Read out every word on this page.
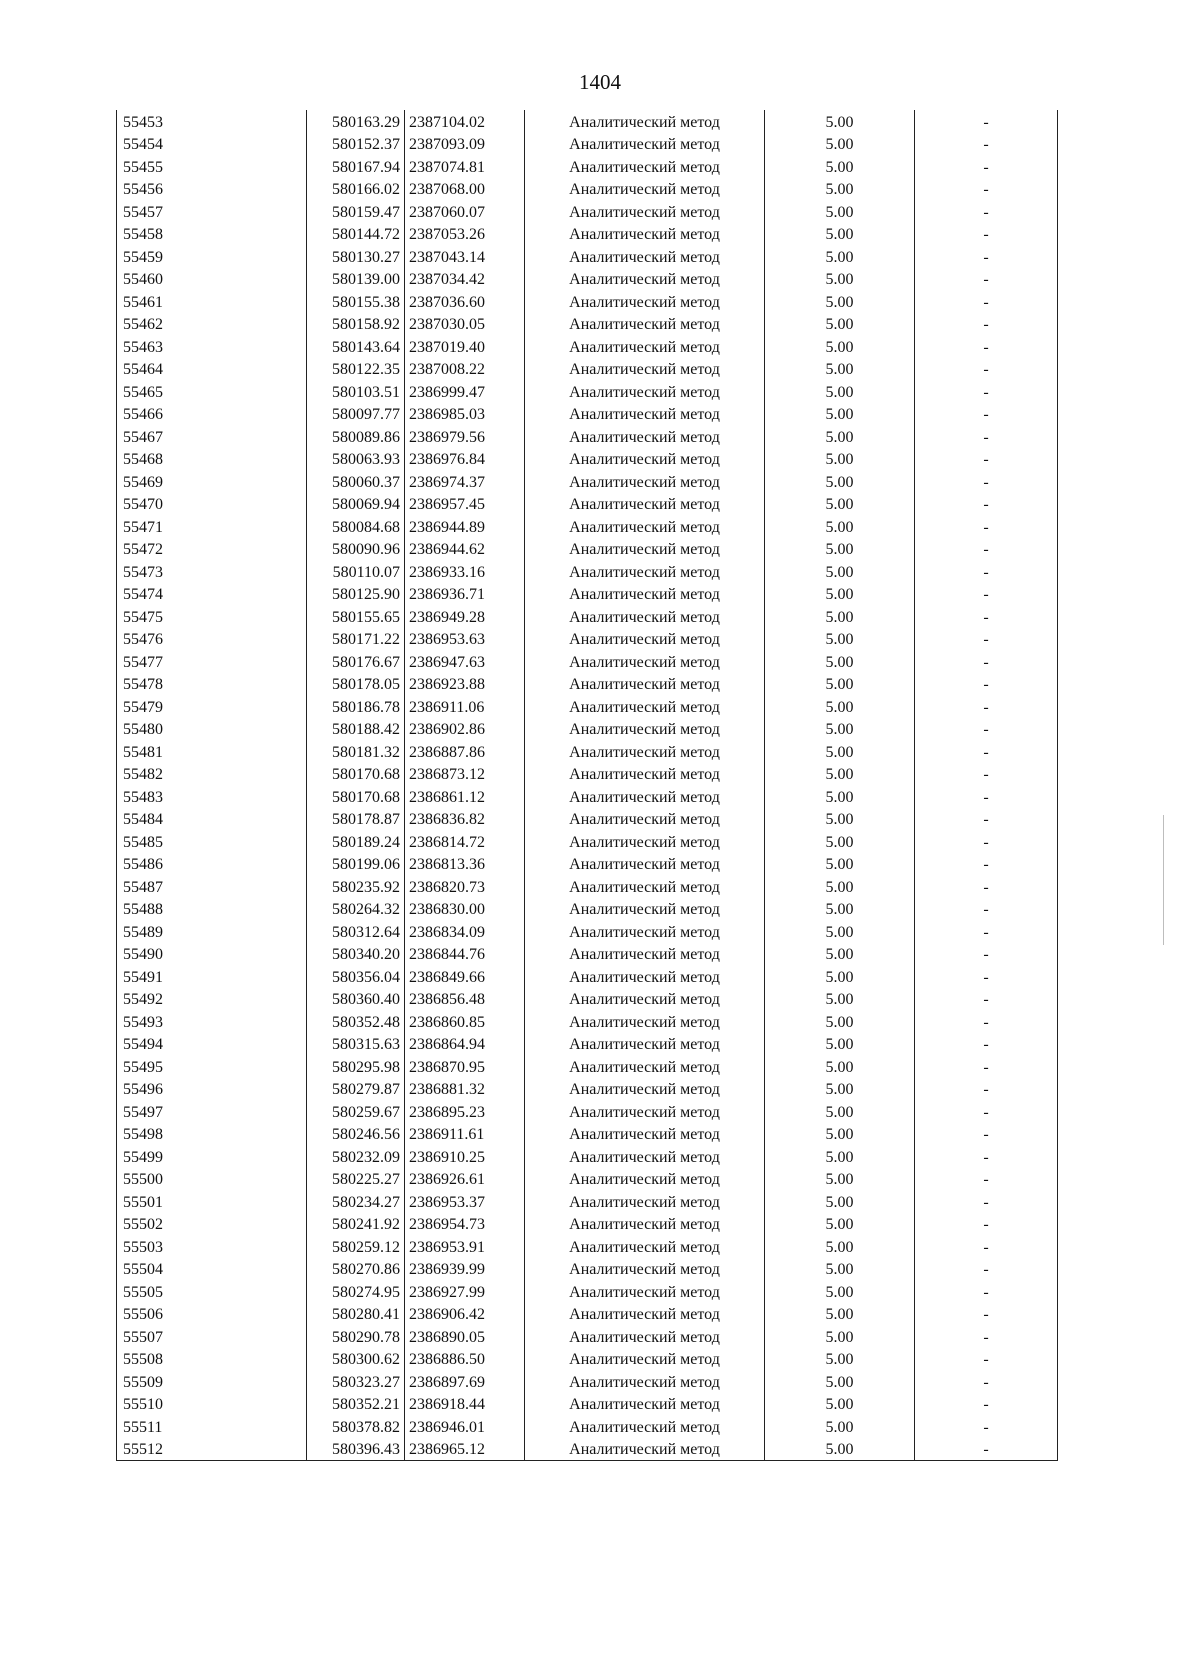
1404
55453	580163.29	2387104.02	Аналитический метод	5.00	-
55454	580152.37	2387093.09	Аналитический метод	5.00	-
55455	580167.94	2387074.81	Аналитический метод	5.00	-
55456	580166.02	2387068.00	Аналитический метод	5.00	-
55457	580159.47	2387060.07	Аналитический метод	5.00	-
55458	580144.72	2387053.26	Аналитический метод	5.00	-
55459	580130.27	2387043.14	Аналитический метод	5.00	-
55460	580139.00	2387034.42	Аналитический метод	5.00	-
55461	580155.38	2387036.60	Аналитический метод	5.00	-
55462	580158.92	2387030.05	Аналитический метод	5.00	-
55463	580143.64	2387019.40	Аналитический метод	5.00	-
55464	580122.35	2387008.22	Аналитический метод	5.00	-
55465	580103.51	2386999.47	Аналитический метод	5.00	-
55466	580097.77	2386985.03	Аналитический метод	5.00	-
55467	580089.86	2386979.56	Аналитический метод	5.00	-
55468	580063.93	2386976.84	Аналитический метод	5.00	-
55469	580060.37	2386974.37	Аналитический метод	5.00	-
55470	580069.94	2386957.45	Аналитический метод	5.00	-
55471	580084.68	2386944.89	Аналитический метод	5.00	-
55472	580090.96	2386944.62	Аналитический метод	5.00	-
55473	580110.07	2386933.16	Аналитический метод	5.00	-
55474	580125.90	2386936.71	Аналитический метод	5.00	-
55475	580155.65	2386949.28	Аналитический метод	5.00	-
55476	580171.22	2386953.63	Аналитический метод	5.00	-
55477	580176.67	2386947.63	Аналитический метод	5.00	-
55478	580178.05	2386923.88	Аналитический метод	5.00	-
55479	580186.78	2386911.06	Аналитический метод	5.00	-
55480	580188.42	2386902.86	Аналитический метод	5.00	-
55481	580181.32	2386887.86	Аналитический метод	5.00	-
55482	580170.68	2386873.12	Аналитический метод	5.00	-
55483	580170.68	2386861.12	Аналитический метод	5.00	-
55484	580178.87	2386836.82	Аналитический метод	5.00	-
55485	580189.24	2386814.72	Аналитический метод	5.00	-
55486	580199.06	2386813.36	Аналитический метод	5.00	-
55487	580235.92	2386820.73	Аналитический метод	5.00	-
55488	580264.32	2386830.00	Аналитический метод	5.00	-
55489	580312.64	2386834.09	Аналитический метод	5.00	-
55490	580340.20	2386844.76	Аналитический метод	5.00	-
55491	580356.04	2386849.66	Аналитический метод	5.00	-
55492	580360.40	2386856.48	Аналитический метод	5.00	-
55493	580352.48	2386860.85	Аналитический метод	5.00	-
55494	580315.63	2386864.94	Аналитический метод	5.00	-
55495	580295.98	2386870.95	Аналитический метод	5.00	-
55496	580279.87	2386881.32	Аналитический метод	5.00	-
55497	580259.67	2386895.23	Аналитический метод	5.00	-
55498	580246.56	2386911.61	Аналитический метод	5.00	-
55499	580232.09	2386910.25	Аналитический метод	5.00	-
55500	580225.27	2386926.61	Аналитический метод	5.00	-
55501	580234.27	2386953.37	Аналитический метод	5.00	-
55502	580241.92	2386954.73	Аналитический метод	5.00	-
55503	580259.12	2386953.91	Аналитический метод	5.00	-
55504	580270.86	2386939.99	Аналитический метод	5.00	-
55505	580274.95	2386927.99	Аналитический метод	5.00	-
55506	580280.41	2386906.42	Аналитический метод	5.00	-
55507	580290.78	2386890.05	Аналитический метод	5.00	-
55508	580300.62	2386886.50	Аналитический метод	5.00	-
55509	580323.27	2386897.69	Аналитический метод	5.00	-
55510	580352.21	2386918.44	Аналитический метод	5.00	-
55511	580378.82	2386946.01	Аналитический метод	5.00	-
55512	580396.43	2386965.12	Аналитический метод	5.00	-
